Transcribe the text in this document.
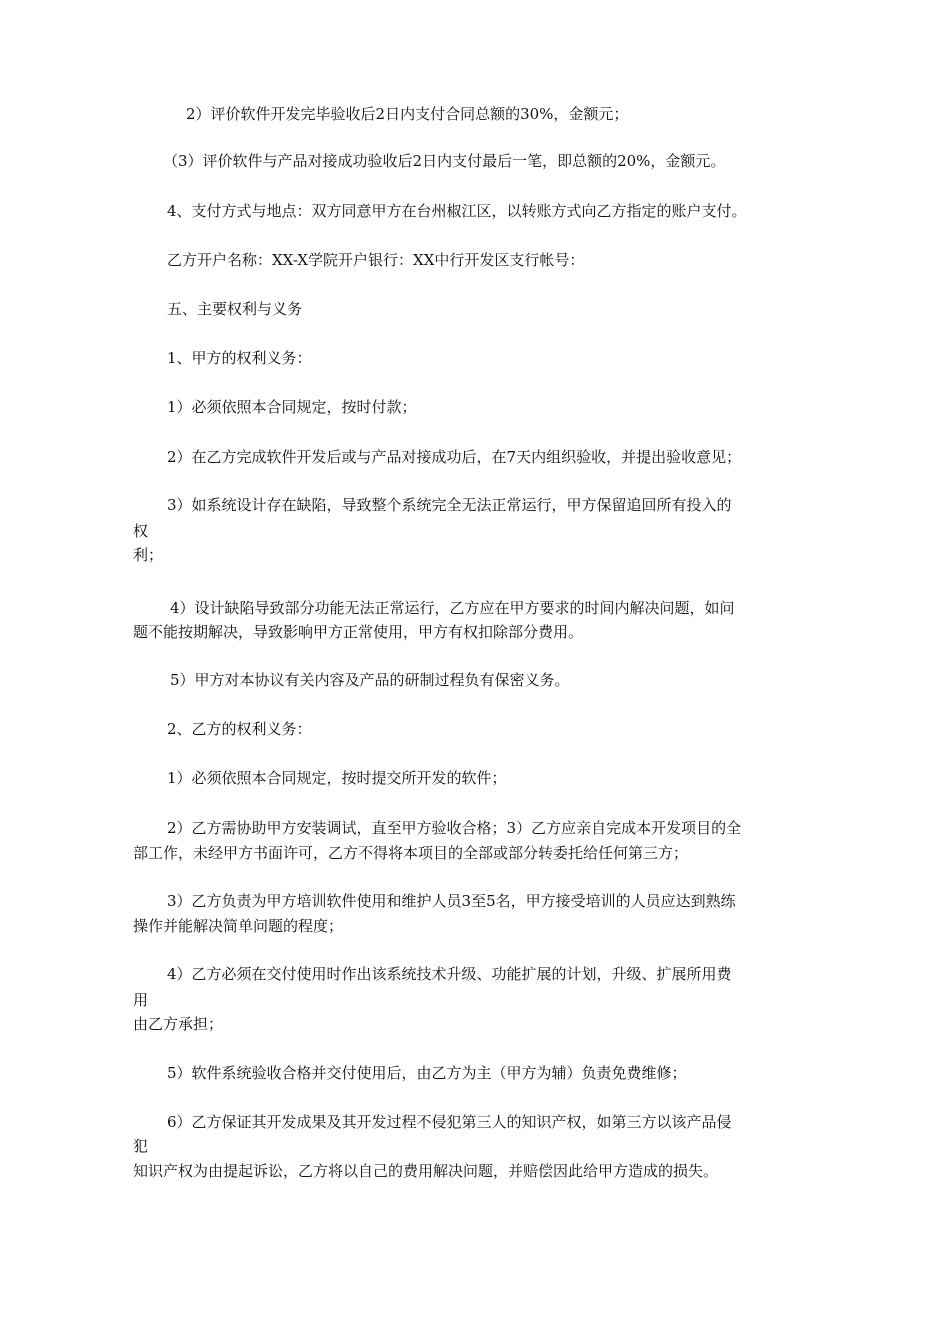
2）评价软件开发完毕验收后2日内支付合同总额的30%，金额元；
（3）评价软件与产品对接成功验收后2日内支付最后一笔，即总额的20%，金额元。
4、支付方式与地点：双方同意甲方在台州椒江区，以转账方式向乙方指定的账户支付。
乙方开户名称：XX-X学院开户银行：XX中行开发区支行帐号：
五、主要权利与义务
1、甲方的权利义务：
1）必须依照本合同规定，按时付款；
2）在乙方完成软件开发后或与产品对接成功后，在7天内组织验收，并提出验收意见；
3）如系统设计存在缺陷，导致整个系统完全无法正常运行，甲方保留追回所有投入的
权
利；
4）设计缺陷导致部分功能无法正常运行，乙方应在甲方要求的时间内解决问题，如问
题不能按期解决，导致影响甲方正常使用，甲方有权扣除部分费用。
5）甲方对本协议有关内容及产品的研制过程负有保密义务。
2、乙方的权利义务：
1）必须依照本合同规定，按时提交所开发的软件；
2）乙方需协助甲方安装调试，直至甲方验收合格；3）乙方应亲自完成本开发项目的全
部工作，未经甲方书面许可，乙方不得将本项目的全部或部分转委托给任何第三方；
3）乙方负责为甲方培训软件使用和维护人员3至5名，甲方接受培训的人员应达到熟练
操作并能解决简单问题的程度；
4）乙方必须在交付使用时作出该系统技术升级、功能扩展的计划，升级、扩展所用费
用
由乙方承担；
5）软件系统验收合格并交付使用后，由乙方为主（甲方为辅）负责免费维修；
6）乙方保证其开发成果及其开发过程不侵犯第三人的知识产权，如第三方以该产品侵
犯
知识产权为由提起诉讼，乙方将以自己的费用解决问题，并赔偿因此给甲方造成的损失。
